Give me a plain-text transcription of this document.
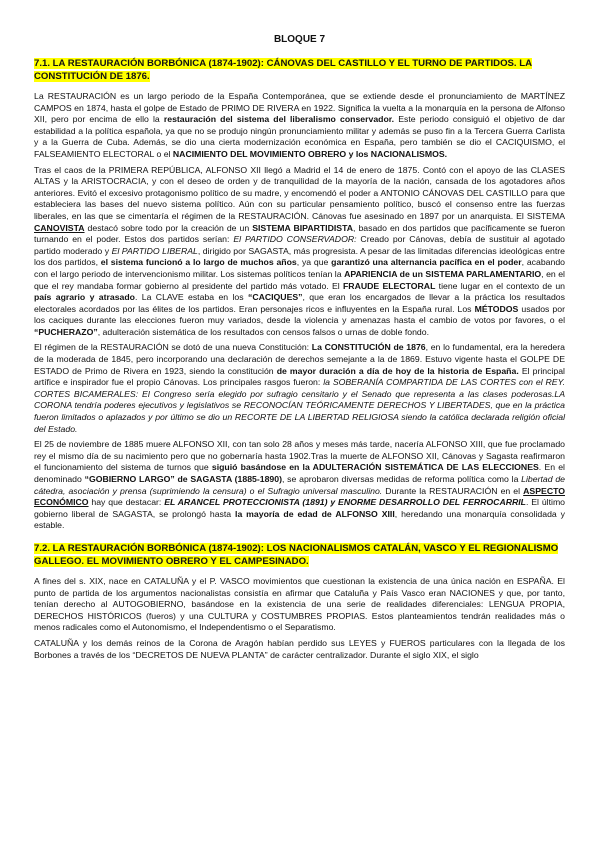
BLOQUE 7
7.1. LA RESTAURACIÓN BORBÓNICA (1874-1902): CÁNOVAS DEL CASTILLO Y EL TURNO DE PARTIDOS. LA CONSTITUCIÓN DE 1876.
La RESTAURACIÓN es un largo periodo de la España Contemporánea, que se extiende desde el pronunciamiento de MARTÍNEZ CAMPOS en 1874, hasta el golpe de Estado de PRIMO DE RIVERA en 1922. Significa la vuelta a la monarquía en la persona de Alfonso XII, pero por encima de ello la restauración del sistema del liberalismo conservador. Este periodo consiguió el objetivo de dar estabilidad a la política española, ya que no se produjo ningún pronunciamiento militar y además se puso fin a la Tercera Guerra Carlista y a la Guerra de Cuba. Además, se dio una cierta modernización económica en España, pero también se dio el CACIQUISMO, el FALSEAMIENTO ELECTORAL o el NACIMIENTO DEL MOVIMIENTO OBRERO y los NACIONALISMOS.
Tras el caos de la PRIMERA REPÚBLICA, ALFONSO XII llegó a Madrid el 14 de enero de 1875. Contó con el apoyo de las CLASES ALTAS y la ARISTOCRACIA, y con el deseo de orden y de tranquilidad de la mayoría de la nación, cansada de los agotadores años anteriores. Evitó el excesivo protagonismo político de su madre, y encomendó el poder a ANTONIO CÁNOVAS DEL CASTILLO para que estableciera las bases del nuevo sistema político. Aún con su particular pensamiento político, buscó el consenso entre las fuerzas liberales, en las que se cimentaría el régimen de la RESTAURACIÓN. Cánovas fue asesinado en 1897 por un anarquista. El SISTEMA CANOVISTA destacó sobre todo por la creación de un SISTEMA BIPARTIDISTA, basado en dos partidos que pacíficamente se fueron turnando en el poder. Estos dos partidos serían: El PARTIDO CONSERVADOR: Creado por Cánovas, debía de sustituir al agotado partido moderado y El PARTIDO LIBERAL, dirigido por SAGASTA, más progresista. A pesar de las limitadas diferencias ideológicas entre los dos partidos, el sistema funcionó a lo largo de muchos años, ya que garantizó una alternancia pacífica en el poder, acabando con el largo periodo de intervencionismo militar. Los sistemas políticos tenían la APARIENCIA de un SISTEMA PARLAMENTARIO, en el que el rey mandaba formar gobierno al presidente del partido más votado. El FRAUDE ELECTORAL tiene lugar en el contexto de un país agrario y atrasado. La CLAVE estaba en los “CACIQUES”, que eran los encargados de llevar a la práctica los resultados electorales acordados por las élites de los partidos. Eran personajes ricos e influyentes en la España rural. Los MÉTODOS usados por los caciques durante las elecciones fueron muy variados, desde la violencia y amenazas hasta el cambio de votos por favores, o el “PUCHERAZO”, adulteración sistemática de los resultados con censos falsos o urnas de doble fondo.
El régimen de la RESTAURACIÓN se dotó de una nueva Constitución: La CONSTITUCIÓN de 1876, en lo fundamental, era la heredera de la moderada de 1845, pero incorporando una declaración de derechos semejante a la de 1869. Estuvo vigente hasta el GOLPE DE ESTADO de Primo de Rivera en 1923, siendo la constitución de mayor duración a día de hoy de la historia de España. El principal artífice e inspirador fue el propio Cánovas. Los principales rasgos fueron: la SOBERANÍA COMPARTIDA DE LAS CORTES con el REY. CORTES BICAMERALES: El Congreso sería elegido por sufragio censitario y el Senado que representa a las clases poderosas.LA CORONA tendría poderes ejecutivos y legislativos se RECONOCÍAN TEÓRICAMENTE DERECHOS Y LIBERTADES, que en la práctica fueron limitados o aplazados y por último se dio un RECORTE DE LA LIBERTAD RELIGIOSA siendo la católica declarada religión oficial del Estado.
El 25 de noviembre de 1885 muere ALFONSO XII, con tan solo 28 años y meses más tarde, nacería ALFONSO XIII, que fue proclamado rey el mismo día de su nacimiento pero que no gobernaría hasta 1902.Tras la muerte de ALFONSO XII, Cánovas y Sagasta reafirmaron el funcionamiento del sistema de turnos que siguió basándose en la ADULTERACIÓN SISTEMÁTICA DE LAS ELECCIONES. En el denominado “GOBIERNO LARGO” de SAGASTA (1885-1890), se aprobaron diversas medidas de reforma política como la Libertad de cátedra, asociación y prensa (suprimiendo la censura) o el Sufragio universal masculino. Durante la RESTAURACIÓN en el ASPECTO ECONÓMICO hay que destacar: EL ARANCEL PROTECCIONISTA (1891) y ENORME DESARROLLO DEL FERROCARRIL. El último gobierno liberal de SAGASTA, se prolongó hasta la mayoría de edad de ALFONSO XIII, heredando una monarquía consolidada y estable.
7.2. LA RESTAURACIÓN BORBÓNICA (1874-1902): LOS NACIONALISMOS CATALÁN, VASCO Y EL REGIONALISMO GALLEGO. EL MOVIMIENTO OBRERO Y EL CAMPESINADO.
A fines del s. XIX, nace en CATALUÑA y el P. VASCO movimientos que cuestionan la existencia de una única nación en ESPAÑA. El punto de partida de los argumentos nacionalistas consistía en afirmar que Cataluña y País Vasco eran NACIONES y que, por tanto, tenían derecho al AUTOGOBIERNO, basándose en la existencia de una serie de realidades diferenciales: LENGUA PROPIA, DERECHOS HISTÓRICOS (fueros) y una CULTURA y COSTUMBRES PROPIAS. Estos planteamientos tendrán realidades más o menos radicales como el Autonomismo, el Independentismo o el Separatismo.
CATALUÑA y los demás reinos de la Corona de Aragón habían perdido sus LEYES y FUEROS particulares con la llegada de los Borbones a través de los “DECRETOS DE NUEVA PLANTA” de carácter centralizador. Durante el siglo XIX, el siglo
